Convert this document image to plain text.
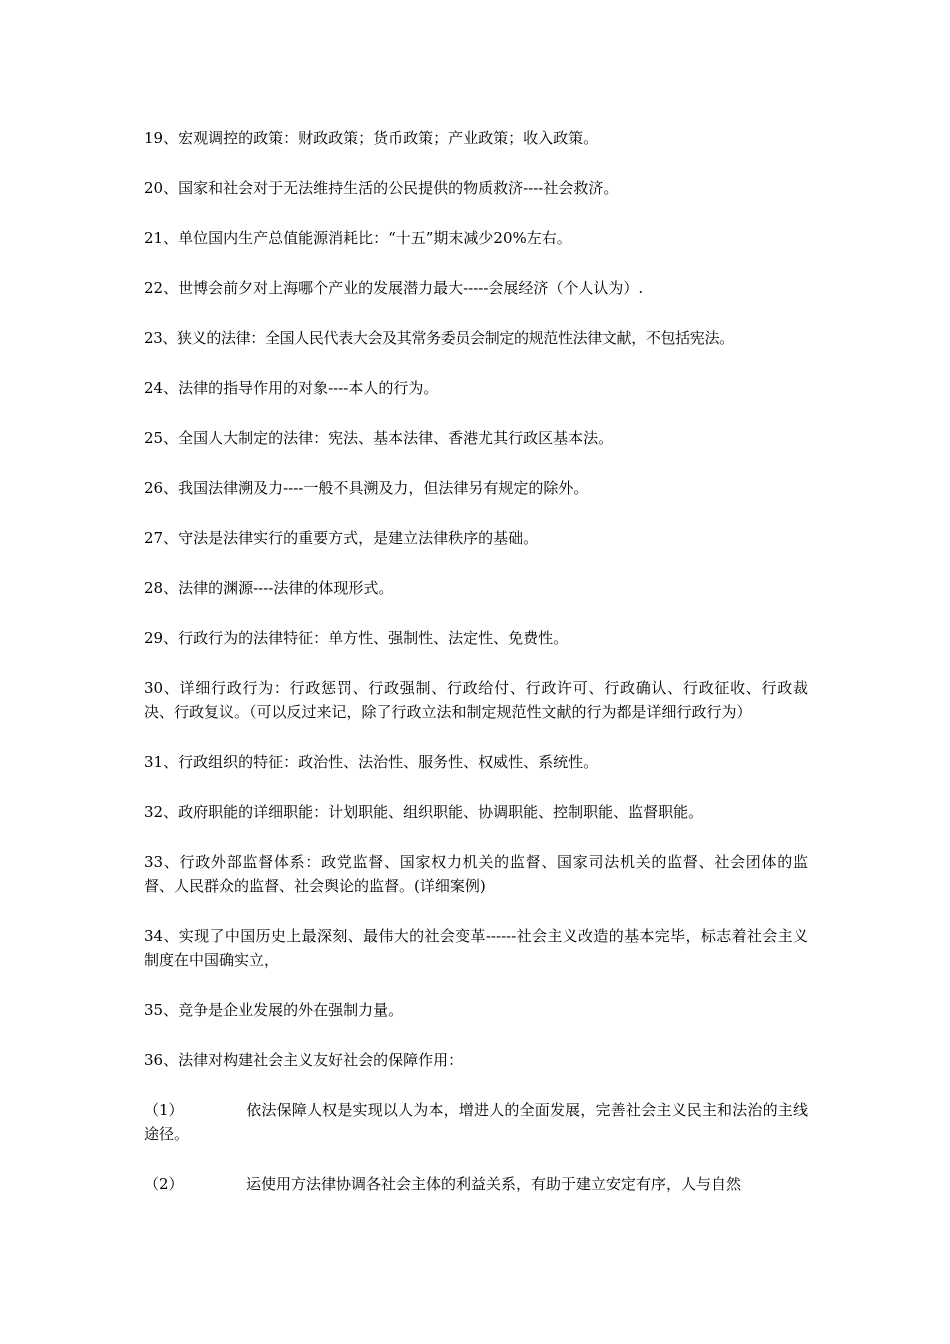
19、宏观调控的政策：财政政策；货币政策；产业政策；收入政策。

20、国家和社会对于无法维持生活的公民提供的物质救济----社会救济。

21、单位国内生产总值能源消耗比：“十五”期末减少20%左右。

22、世博会前夕对上海哪个产业的发展潜力最大-----会展经济（个人认为）.

23、狭义的法律：全国人民代表大会及其常务委员会制定的规范性法律文献，不包括宪法。

24、法律的指导作用的对象----本人的行为。

25、全国人大制定的法律：宪法、基本法律、香港尤其行政区基本法。

26、我国法律溯及力----一般不具溯及力，但法律另有规定的除外。

27、守法是法律实行的重要方式，是建立法律秩序的基础。

28、法律的渊源----法律的体现形式。

29、行政行为的法律特征：单方性、强制性、法定性、免费性。

30、详细行政行为：行政惩罚、行政强制、行政给付、行政许可、行政确认、行政征收、行政裁决、行政复议。（可以反过来记，除了行政立法和制定规范性文献的行为都是详细行政行为）

31、行政组织的特征：政治性、法治性、服务性、权威性、系统性。

32、政府职能的详细职能：计划职能、组织职能、协调职能、控制职能、监督职能。

33、行政外部监督体系：政党监督、国家权力机关的监督、国家司法机关的监督、社会团体的监督、人民群众的监督、社会舆论的监督。(详细案例)

34、实现了中国历史上最深刻、最伟大的社会变革------社会主义改造的基本完毕，标志着社会主义制度在中国确实立，

35、竞争是企业发展的外在强制力量。

36、法律对构建社会主义友好社会的保障作用：

（1）	依法保障人权是实现以人为本，增进人的全面发展，完善社会主义民主和法治的主线途径。

（2）	运使用方法律协调各社会主体的利益关系，有助于建立安定有序，人与自然
